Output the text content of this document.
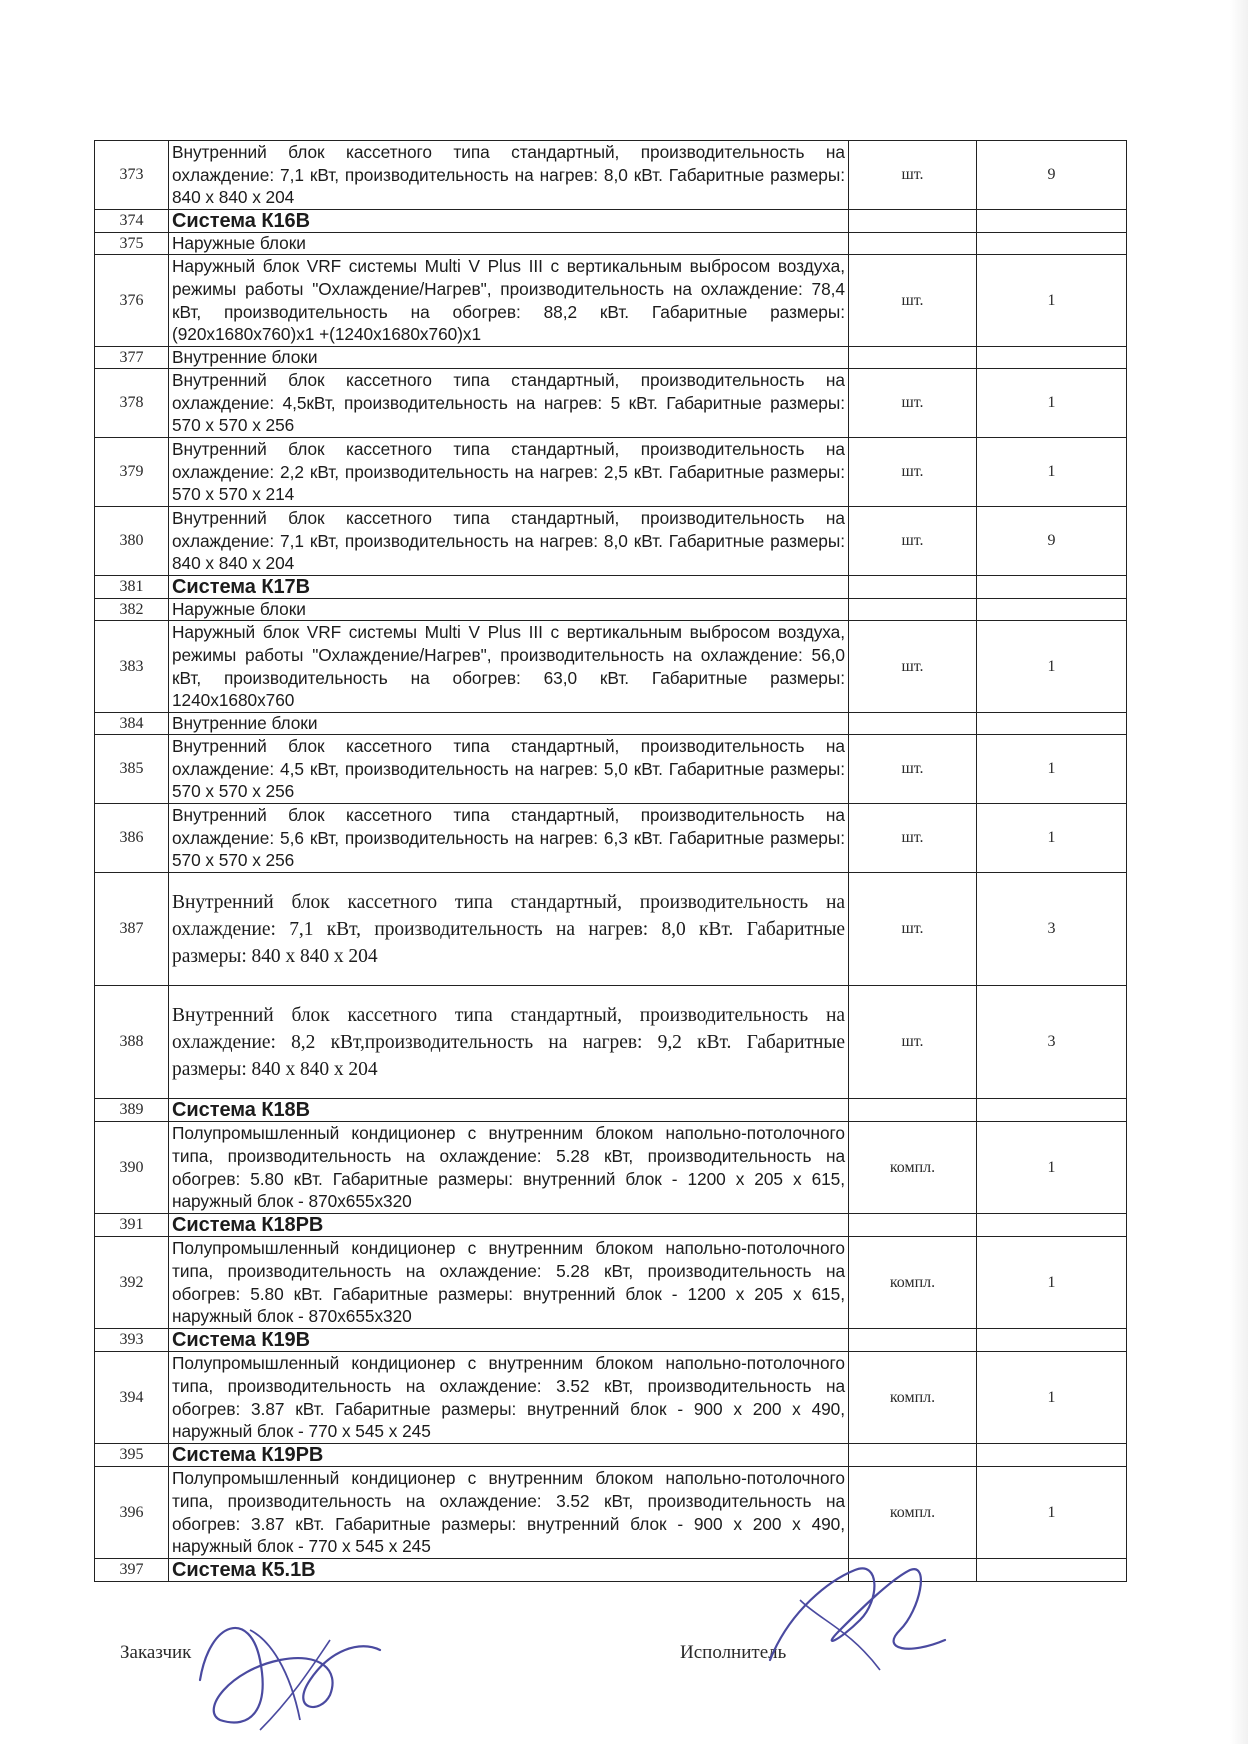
373	Внутренний блок кассетного типа стандартный, производительность на охлаждение: 7,1 кВт, производительность на нагрев: 8,0 кВт. Габаритные размеры: 840 x 840 x 204	шт.	9
374	Система К16В		
375	Наружные блоки		
376	Наружный блок VRF системы Multi V Plus III с вертикальным выбросом воздуха, режимы работы "Охлаждение/Нагрев", производительность на охлаждение: 78,4 кВт, производительность на обогрев: 88,2 кВт. Габаритные размеры: (920x1680x760)x1 +(1240x1680x760)x1	шт.	1
377	Внутренние блоки		
378	Внутренний блок кассетного типа стандартный, производительность на охлаждение: 4,5кВт, производительность на нагрев: 5 кВт. Габаритные размеры: 570 x 570 x 256	шт.	1
379	Внутренний блок кассетного типа стандартный, производительность на охлаждение: 2,2 кВт, производительность на нагрев: 2,5 кВт. Габаритные размеры: 570 x 570 x 214	шт.	1
380	Внутренний блок кассетного типа стандартный, производительность на охлаждение: 7,1 кВт, производительность на нагрев: 8,0 кВт. Габаритные размеры: 840 x 840 x 204	шт.	9
381	Система К17В		
382	Наружные блоки		
383	Наружный блок VRF системы Multi V Plus III с вертикальным выбросом воздуха, режимы работы "Охлаждение/Нагрев", производительность на охлаждение: 56,0 кВт, производительность на обогрев: 63,0 кВт. Габаритные размеры: 1240x1680x760	шт.	1
384	Внутренние блоки		
385	Внутренний блок кассетного типа стандартный, производительность на охлаждение: 4,5 кВт, производительность на нагрев: 5,0 кВт. Габаритные размеры: 570 x 570 x 256	шт.	1
386	Внутренний блок кассетного типа стандартный, производительность на охлаждение: 5,6 кВт, производительность на нагрев: 6,3 кВт. Габаритные размеры: 570 x 570 x 256	шт.	1
387	Внутренний блок кассетного типа стандартный, производительность на охлаждение: 7,1 кВт, производительность на нагрев: 8,0 кВт. Габаритные размеры: 840 x 840 x 204	шт.	3
388	Внутренний блок кассетного типа стандартный, производительность на охлаждение: 8,2 кВт,производительность на нагрев: 9,2 кВт. Габаритные размеры: 840 x 840 x 204	шт.	3
389	Система К18В		
390	Полупромышленный кондиционер с внутренним блоком напольно-потолочного типа, производительность на охлаждение: 5.28 кВт, производительность на обогрев: 5.80 кВт. Габаритные размеры: внутренний блок - 1200 x 205 x 615, наружный блок - 870x655x320	компл.	1
391	Система К18РВ		
392	Полупромышленный кондиционер с внутренним блоком напольно-потолочного типа, производительность на охлаждение: 5.28 кВт, производительность на обогрев: 5.80 кВт. Габаритные размеры: внутренний блок - 1200 x 205 x 615, наружный блок - 870x655x320	компл.	1
393	Система К19В		
394	Полупромышленный кондиционер с внутренним блоком напольно-потолочного типа, производительность на охлаждение: 3.52 кВт, производительность на обогрев: 3.87 кВт. Габаритные размеры: внутренний блок - 900 x 200 x 490, наружный блок - 770 x 545 x 245	компл.	1
395	Система К19РВ		
396	Полупромышленный кондиционер с внутренним блоком напольно-потолочного типа, производительность на охлаждение: 3.52 кВт, производительность на обогрев: 3.87 кВт. Габаритные размеры: внутренний блок - 900 x 200 x 490, наружный блок - 770 x 545 x 245	компл.	1
397	Система К5.1В		
Заказчик	Исполнитель
